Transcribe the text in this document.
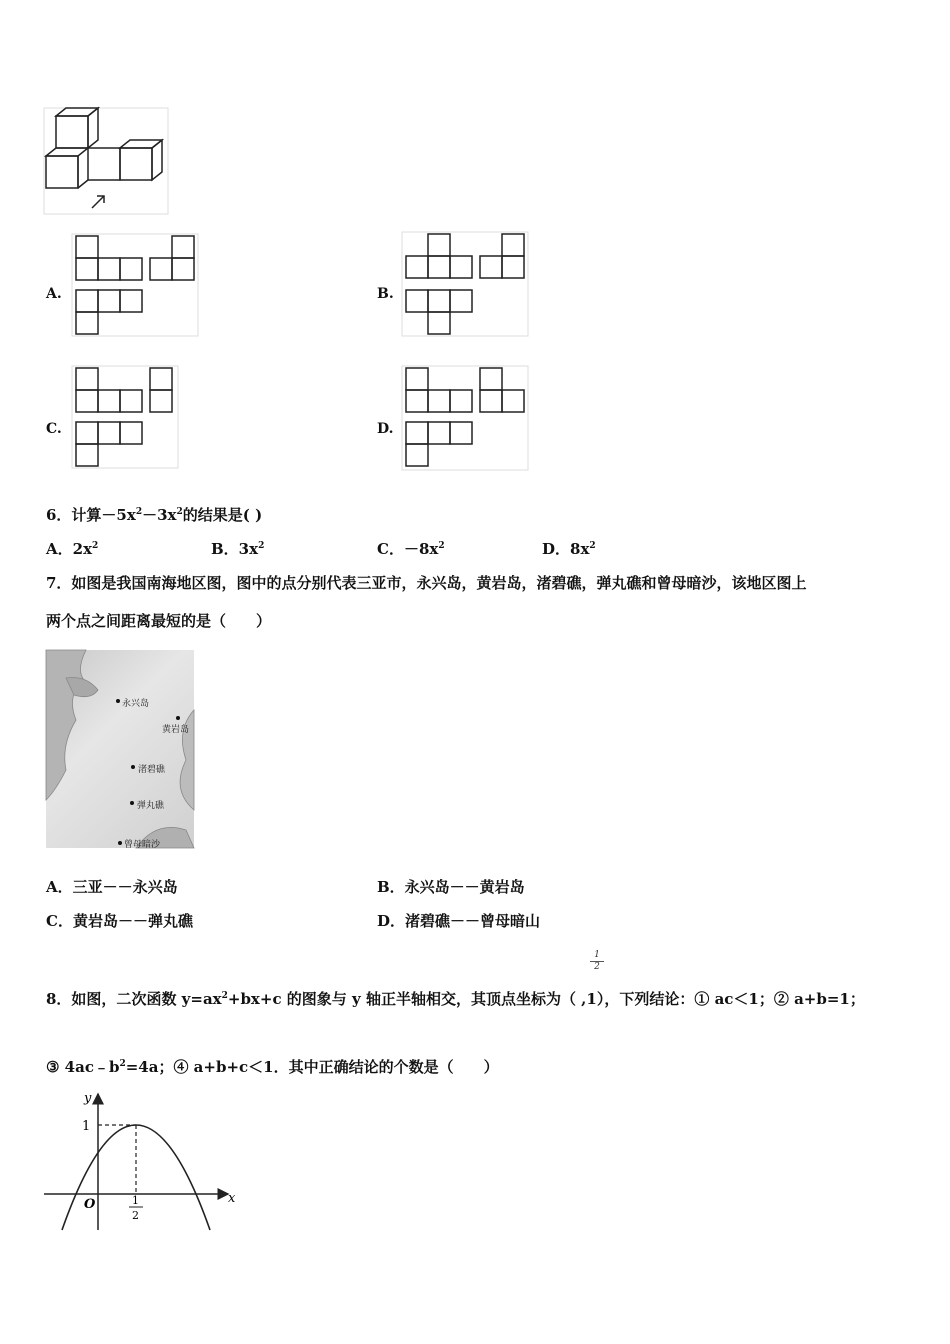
A.	B.
C.	D.
6．计算$-5x^2-3x^2$的结果是( )
A．$2x^2$	B．$3x^2$	C．$-8x^2$	D．$8x^2$
7．如图是我国南海地区图，图中的点分别代表三亚市，永兴岛，黄岩岛，渚碧礁，弹丸礁和曾母暗沙，该地区图上
两个点之间距离最短的是（　　）
永兴岛
黄岩岛
渚碧礁
弹丸礁
曾母暗沙
A．三亚－－永兴岛	B．永兴岛－－黄岩岛
C．黄岩岛－－弹丸礁	D．渚碧礁－－曾母暗山
1
2
8．如图，二次函数 $y=ax^2+bx+c$ 的图象与 y 轴正半轴相交，其顶点坐标为（ ,1），下列结论：① ac＜1；② a+b=1；
③ $4ac﹣b^2=4a$；④ a+b+c＜1．其中正确结论的个数是（　　）
y
x
O
1
1
2
